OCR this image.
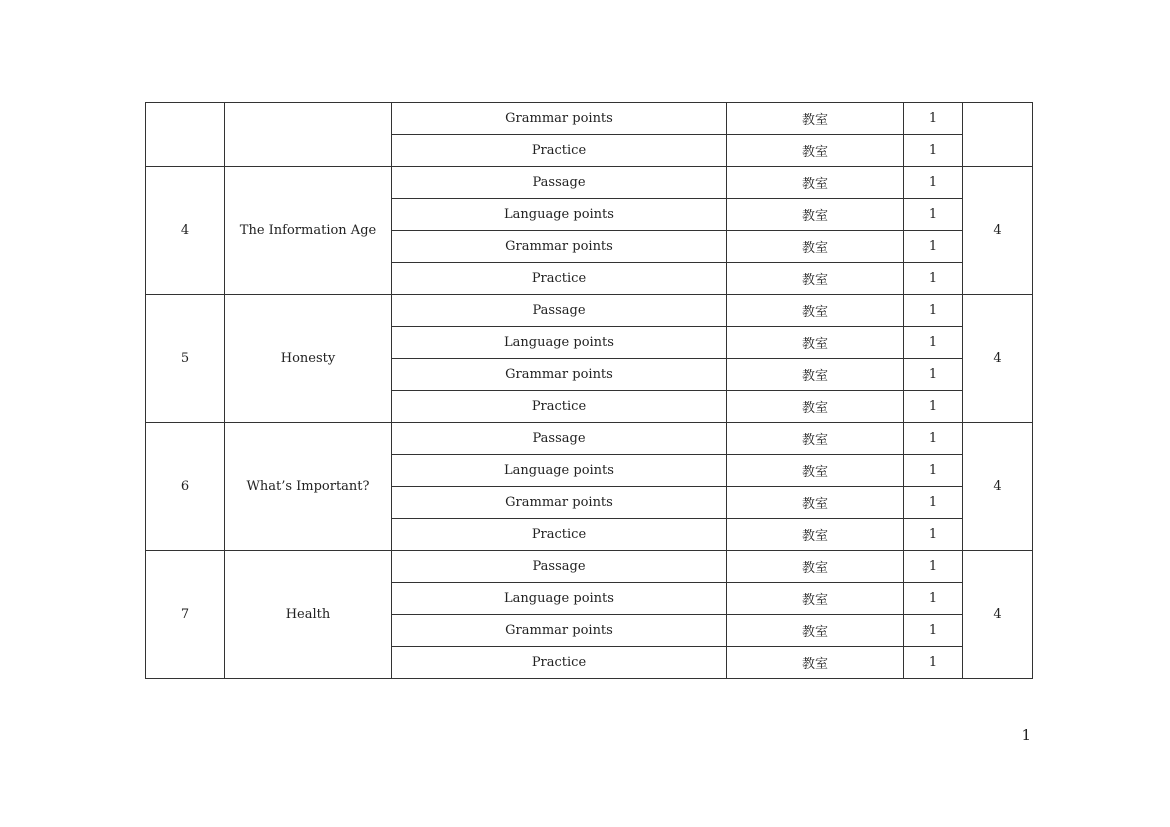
		Grammar points	教室	1	
		Practice	教室	1	
4	The Information Age	Passage	教室	1	4
		Language points	教室	1	
		Grammar points	教室	1	
		Practice	教室	1	
5	Honesty	Passage	教室	1	4
		Language points	教室	1	
		Grammar points	教室	1	
		Practice	教室	1	
6	What’s Important?	Passage	教室	1	4
		Language points	教室	1	
		Grammar points	教室	1	
		Practice	教室	1	
7	Health	Passage	教室	1	4
		Language points	教室	1	
		Grammar points	教室	1	
		Practice	教室	1	
1
